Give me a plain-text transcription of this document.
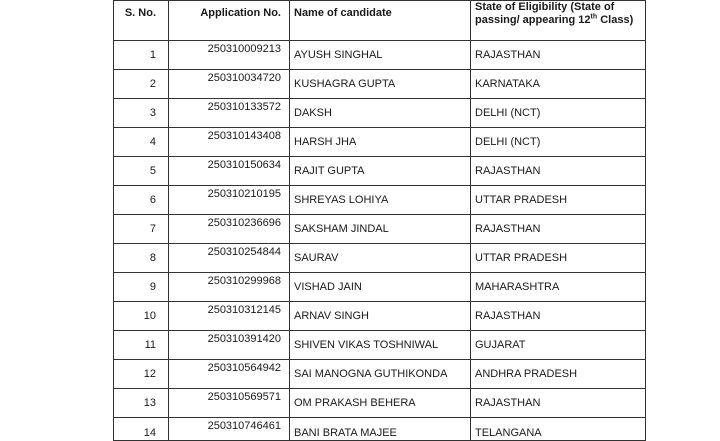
S. No.	Application No.	Name of candidate	State of Eligibility (State of
passing/ appearing 12th Class)
1	250310009213	AYUSH SINGHAL	RAJASTHAN
2	250310034720	KUSHAGRA GUPTA	KARNATAKA
3	250310133572	DAKSH	DELHI (NCT)
4	250310143408	HARSH JHA	DELHI (NCT)
5	250310150634	RAJIT GUPTA	RAJASTHAN
6	250310210195	SHREYAS LOHIYA	UTTAR PRADESH
7	250310236696	SAKSHAM JINDAL	RAJASTHAN
8	250310254844	SAURAV	UTTAR PRADESH
9	250310299968	VISHAD JAIN	MAHARASHTRA
10	250310312145	ARNAV SINGH	RAJASTHAN
11	250310391420	SHIVEN VIKAS TOSHNIWAL	GUJARAT
12	250310564942	SAI MANOGNA GUTHIKONDA	ANDHRA PRADESH
13	250310569571	OM PRAKASH BEHERA	RAJASTHAN
14	250310746461	BANI BRATA MAJEE	TELANGANA
